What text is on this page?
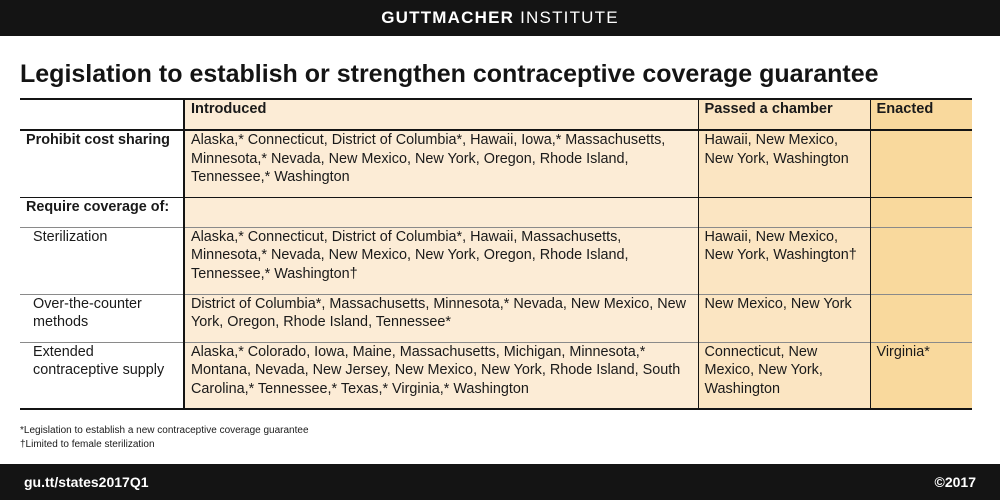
GUTTMACHER INSTITUTE
Legislation to establish or strengthen contraceptive coverage guarantee
	Introduced	Passed a chamber	Enacted
Prohibit cost sharing	Alaska,* Connecticut, District of Columbia*, Hawaii, Iowa,* Massachusetts, Minnesota,* Nevada, New Mexico, New York, Oregon, Rhode Island, Tennessee,* Washington	Hawaii, New Mexico, New York, Washington	
Require coverage of:			
Sterilization	Alaska,* Connecticut, District of Columbia*, Hawaii, Massachusetts, Minnesota,* Nevada, New Mexico, New York, Oregon, Rhode Island, Tennessee,* Washington†	Hawaii, New Mexico, New York, Washington†	
Over-the-counter methods	District of Columbia*, Massachusetts, Minnesota,* Nevada, New Mexico, New York, Oregon, Rhode Island, Tennessee*	New Mexico, New York	
Extended contraceptive supply	Alaska,* Colorado, Iowa, Maine, Massachusetts, Michigan, Minnesota,* Montana, Nevada, New Jersey, New Mexico, New York, Rhode Island, South Carolina,* Tennessee,* Texas,* Virginia,* Washington	Connecticut, New Mexico, New York, Washington	Virginia*
*Legislation to establish a new contraceptive coverage guarantee
†Limited to female sterilization
gu.tt/states2017Q1	©2017
